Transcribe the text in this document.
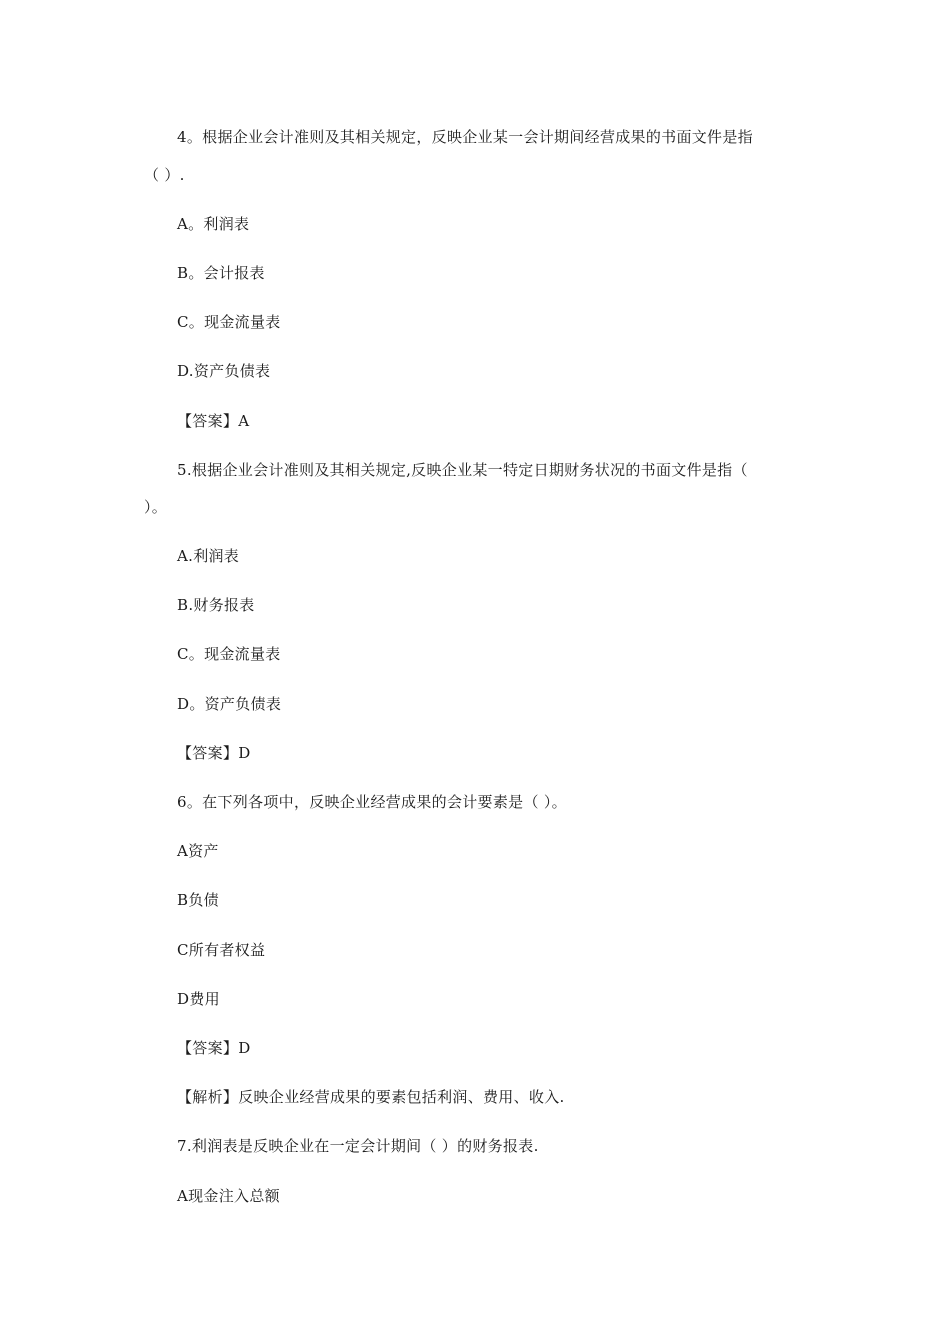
4。根据企业会计准则及其相关规定，反映企业某一会计期间经营成果的书面文件是指
（ ）.
A。利润表
B。会计报表
C。现金流量表
D.资产负债表
【答案】A
5.根据企业会计准则及其相关规定,反映企业某一特定日期财务状况的书面文件是指（
）。
A.利润表
B.财务报表
C。现金流量表
D。资产负债表
【答案】D
6。在下列各项中，反映企业经营成果的会计要素是（ ）。
A资产
B负债
C所有者权益
D费用
【答案】D
【解析】反映企业经营成果的要素包括利润、费用、收入.
7.利润表是反映企业在一定会计期间（ ）的财务报表.
A现金注入总额
